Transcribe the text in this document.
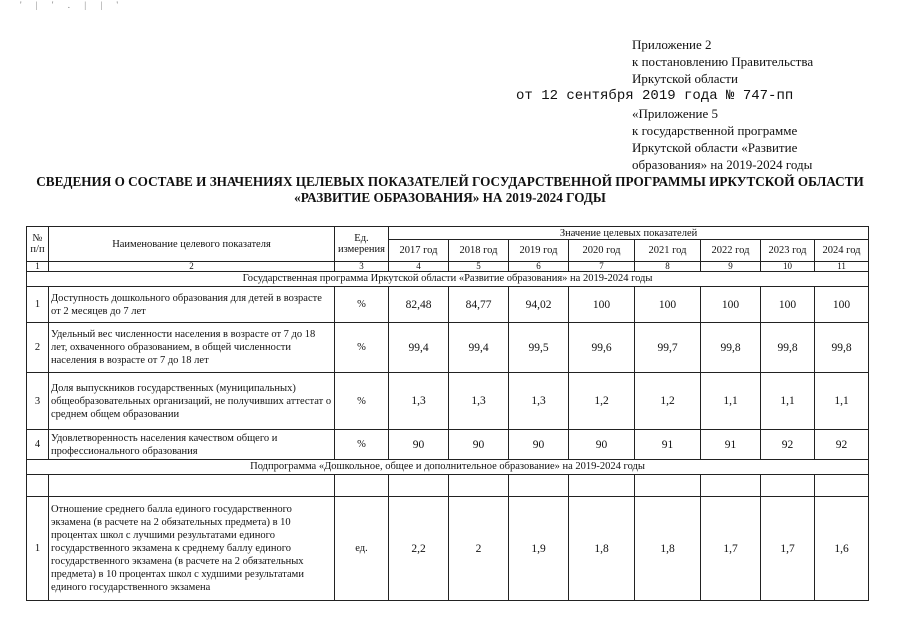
' | ' . | | '
Приложение 2
к постановлению Правительства
Иркутской области
от 12 сентября 2019 года № 747-пп
«Приложение 5
к государственной программе
Иркутской области «Развитие
образования» на 2019-2024 годы
СВЕДЕНИЯ О СОСТАВЕ И ЗНАЧЕНИЯХ ЦЕЛЕВЫХ ПОКАЗАТЕЛЕЙ ГОСУДАРСТВЕННОЙ ПРОГРАММЫ ИРКУТСКОЙ ОБЛАСТИ
«РАЗВИТИЕ ОБРАЗОВАНИЯ» НА 2019-2024 ГОДЫ
№ п/п	Наименование целевого показателя	Ед. измерения	Значение целевых показателей							
			2017 год	2018 год	2019 год	2020 год	2021 год	2022 год	2023 год	2024 год
1	2	3	4	5	6	7	8	9	10	11
Государственная программа Иркутской области «Развитие образования» на 2019-2024 годы										
1	Доступность дошкольного образования для детей в возрасте от 2 месяцев до 7 лет	%	82,48	84,77	94,02	100	100	100	100	100
2	Удельный вес численности населения в возрасте от 7 до 18 лет, охваченного образованием, в общей численности населения в возрасте от 7 до 18 лет	%	99,4	99,4	99,5	99,6	99,7	99,8	99,8	99,8
3	Доля выпускников государственных (муниципальных) общеобразовательных организаций, не получивших аттестат о среднем общем образовании	%	1,3	1,3	1,3	1,2	1,2	1,1	1,1	1,1
4	Удовлетворенность населения качеством общего и профессионального образования	%	90	90	90	90	91	91	92	92
Подпрограмма «Дошкольное, общее и дополнительное образование» на 2019-2024 годы										

1	Отношение среднего балла единого государственного экзамена (в расчете на 2 обязательных предмета) в 10 процентах школ с лучшими результатами единого государственного экзамена к среднему баллу единого государственного экзамена (в расчете на 2 обязательных предмета) в 10 процентах школ с худшими результатами единого государственного экзамена	ед.	2,2	2	1,9	1,8	1,8	1,7	1,7	1,6
